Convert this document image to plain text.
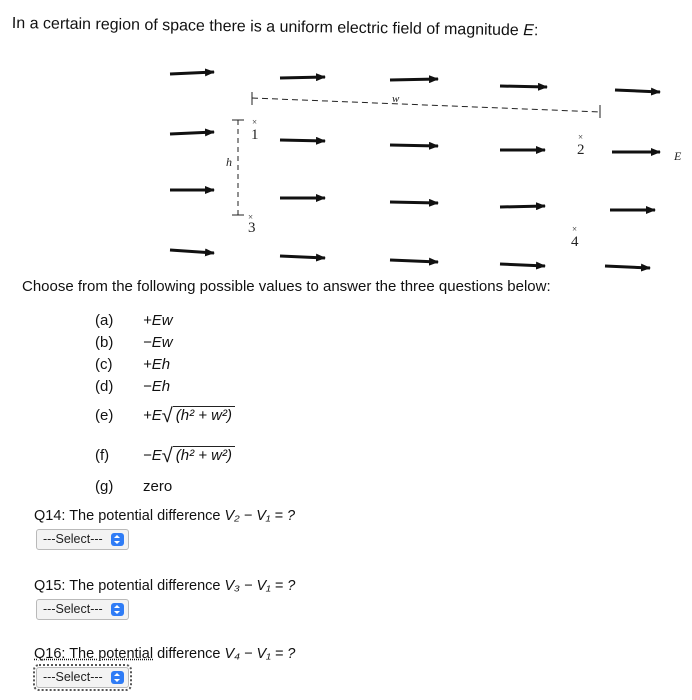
In a certain region of space there is a uniform electric field of magnitude E:
w
h	E
1
2
3
4
×
×
×
×
Choose from the following possible values to answer the three questions below:
(a) +Ew
(b) −Ew
(c) +Eh
(d) −Eh
(e) +E√ (h² + w²)
(f) −E√ (h² + w²)
(g) zero
Q14: The potential difference V₂ − V₁ = ?
---Select---
Q15: The potential difference V₃ − V₁ = ?
---Select---
Q16: The potential difference V₄ − V₁ = ?
---Select---
